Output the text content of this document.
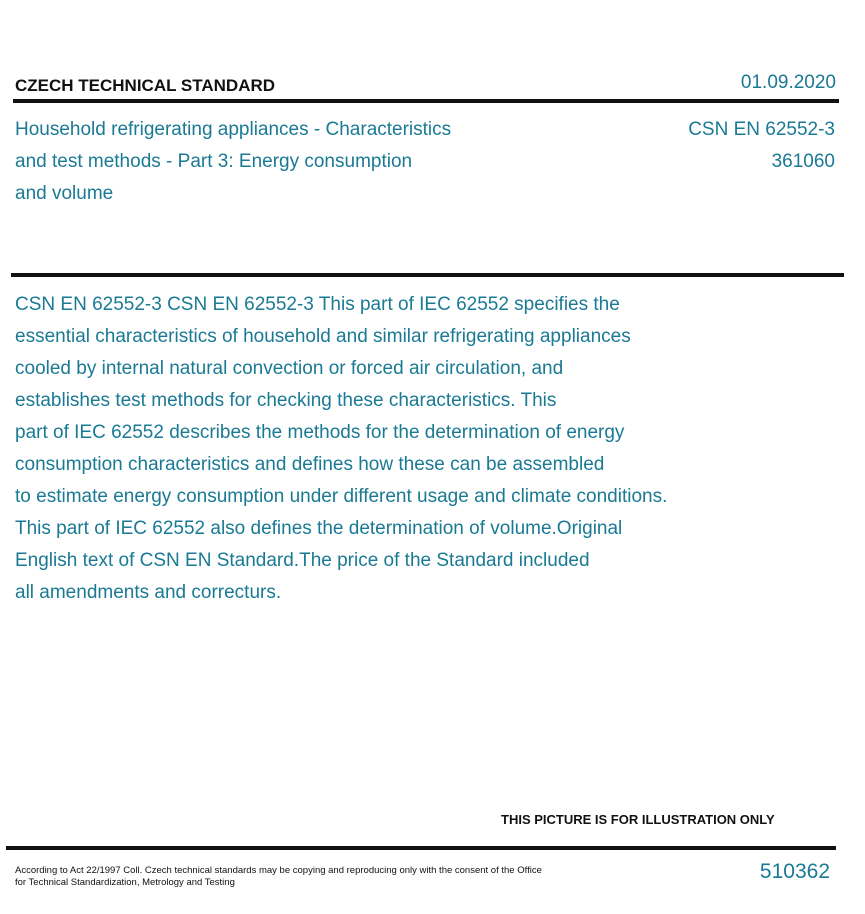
CZECH TECHNICAL STANDARD	01.09.2020
Household refrigerating appliances - Characteristics
and test methods - Part 3: Energy consumption
and volume
CSN EN 62552-3
361060
CSN EN 62552-3 CSN EN 62552-3 This part of IEC 62552 specifies the
essential characteristics of household and similar refrigerating appliances
cooled by internal natural convection or forced air circulation, and
establishes test methods for checking these characteristics. This
part of IEC 62552 describes the methods for the determination of energy
consumption characteristics and defines how these can be assembled
to estimate energy consumption under different usage and climate conditions.
This part of IEC 62552 also defines the determination of volume.Original
English text of CSN EN Standard.The price of the Standard included
all amendments and correcturs.
THIS PICTURE IS FOR ILLUSTRATION ONLY
According to Act 22/1997 Coll. Czech technical standards may be copying and reproducing only with the consent of the Office
for Technical Standardization, Metrology and Testing	510362
